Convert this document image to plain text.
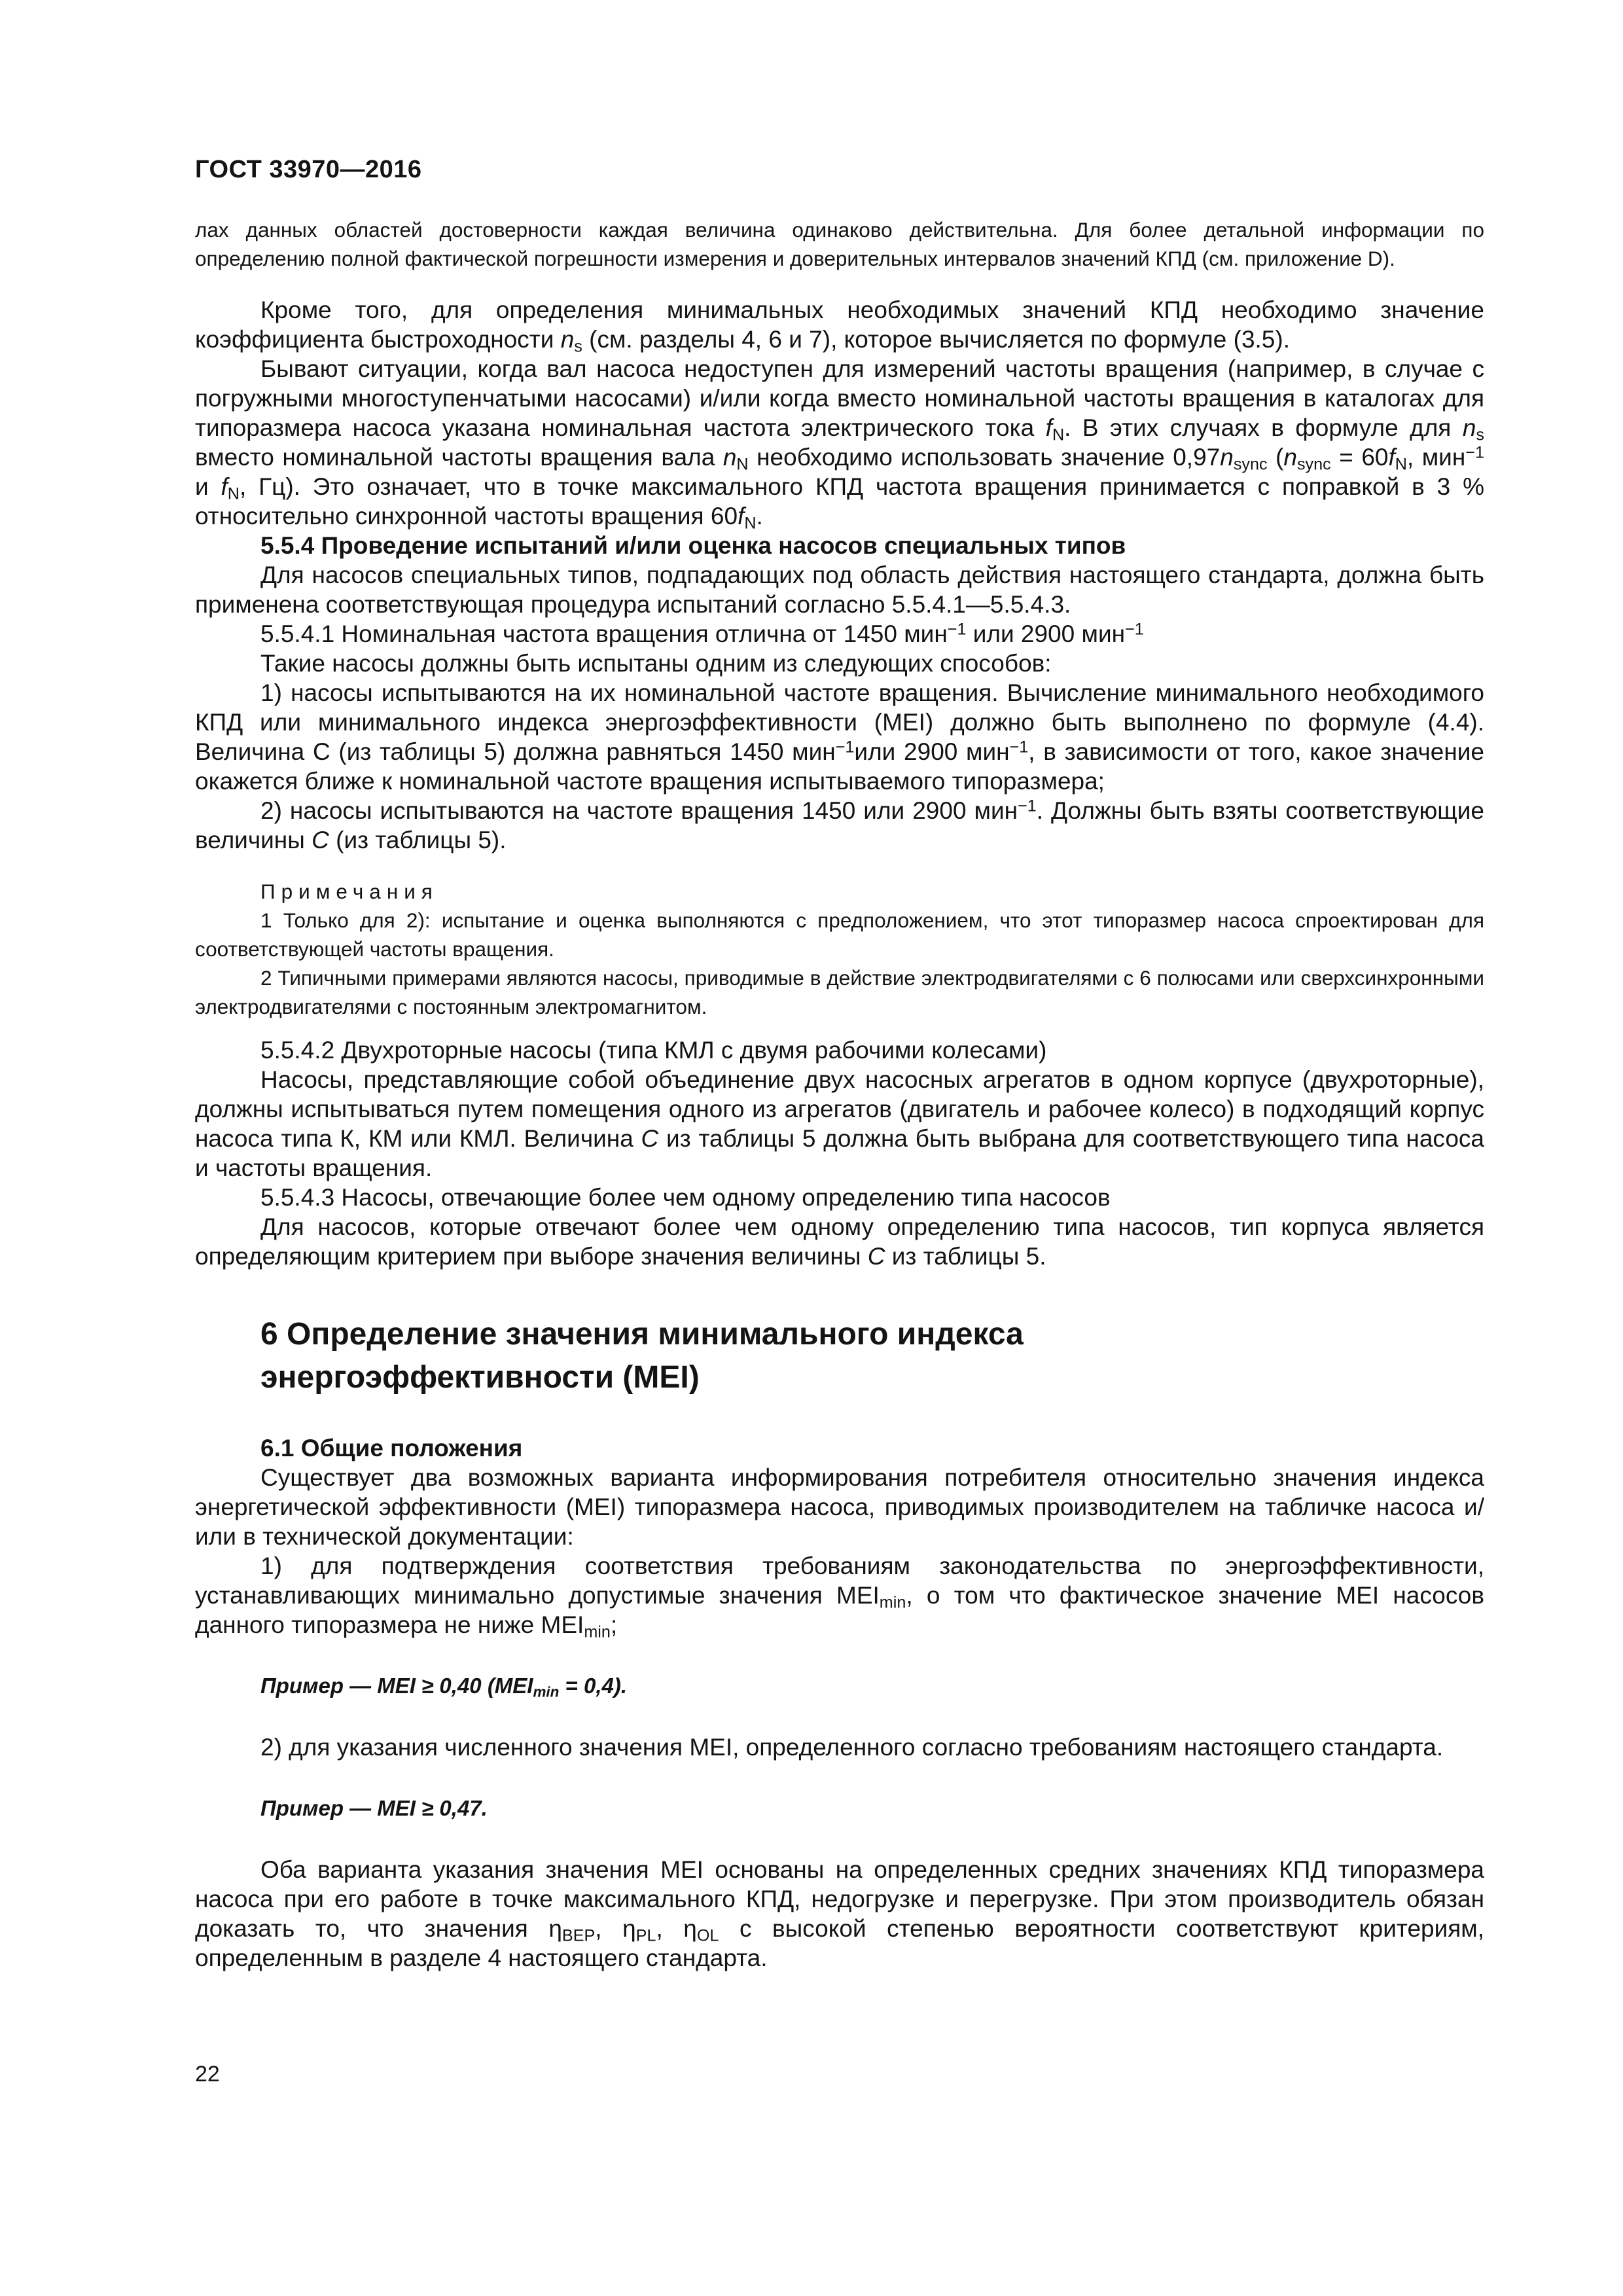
ГОСТ 33970—2016

лах данных областей достоверности каждая величина одинаково действительна. Для более детальной информации по определению полной фактической погрешности измерения и доверительных интервалов значений КПД (см. приложение D).

Кроме того, для определения минимальных необходимых значений КПД необходимо значение коэффициента быстроходности $n_s$ (см. разделы 4, 6 и 7), которое вычисляется по формуле (3.5).

Бывают ситуации, когда вал насоса недоступен для измерений частоты вращения (например, в случае с погружными многоступенчатыми насосами) и/или когда вместо номинальной частоты вращения в каталогах для типоразмера насоса указана номинальная частота электрического тока $f_N$. В этих случаях в формуле для $n_s$ вместо номинальной частоты вращения вала $n_N$ необходимо использовать значение $0,97n_{sync}$ ($n_{sync} = 60f_N$, мин$^{-1}$ и $f_N$, Гц). Это означает, что в точке максимального КПД частота вращения принимается с поправкой в 3 % относительно синхронной частоты вращения $60f_N$.

5.5.4 Проведение испытаний и/или оценка насосов специальных типов

Для насосов специальных типов, подпадающих под область действия настоящего стандарта, должна быть применена соответствующая процедура испытаний согласно 5.5.4.1—5.5.4.3.

5.5.4.1 Номинальная частота вращения отлична от 1450 мин$^{-1}$ или 2900 мин$^{-1}$

Такие насосы должны быть испытаны одним из следующих способов:

1) насосы испытываются на их номинальной частоте вращения. Вычисление минимального необходимого КПД или минимального индекса энергоэффективности (MEI) должно быть выполнено по формуле (4.4). Величина С (из таблицы 5) должна равняться 1450 мин$^{-1}$или 2900 мин$^{-1}$, в зависимости от того, какое значение окажется ближе к номинальной частоте вращения испытываемого типоразмера;

2) насосы испытываются на частоте вращения 1450 или 2900 мин$^{-1}$. Должны быть взяты соответствующие величины C (из таблицы 5).

Примечания

1 Только для 2): испытание и оценка выполняются с предположением, что этот типоразмер насоса спроектирован для соответствующей частоты вращения.

2 Типичными примерами являются насосы, приводимые в действие электродвигателями с 6 полюсами или сверхсинхронными электродвигателями с постоянным электромагнитом.

5.5.4.2 Двухроторные насосы (типа КМЛ с двумя рабочими колесами)

Насосы, представляющие собой объединение двух насосных агрегатов в одном корпусе (двухроторные), должны испытываться путем помещения одного из агрегатов (двигатель и рабочее колесо) в подходящий корпус насоса типа К, КМ или КМЛ. Величина C из таблицы 5 должна быть выбрана для соответствующего типа насоса и частоты вращения.

5.5.4.3 Насосы, отвечающие более чем одному определению типа насосов

Для насосов, которые отвечают более чем одному определению типа насосов, тип корпуса является определяющим критерием при выборе значения величины C из таблицы 5.

6 Определение значения минимального индекса
энергоэффективности (MEI)

6.1 Общие положения

Существует два возможных варианта информирования потребителя относительно значения индекса энергетической эффективности (MEI) типоразмера насоса, приводимых производителем на табличке насоса и/или в технической документации:

1) для подтверждения соответствия требованиям законодательства по энергоэффективности, устанавливающих минимально допустимые значения $MEI_{min}$, о том что фактическое значение MEI насосов данного типоразмера не ниже $MEI_{min}$;

Пример — MEI ≥ 0,40 $(MEI_{min} = 0,4)$.

2) для указания численного значения MEI, определенного согласно требованиям настоящего стандарта.

Пример — MEI ≥ 0,47.

Оба варианта указания значения MEI основаны на определенных средних значениях КПД типоразмера насоса при его работе в точке максимального КПД, недогрузке и перегрузке. При этом производитель обязан доказать то, что значения $\eta_{BEP}$, $\eta_{PL}$, $\eta_{OL}$ с высокой степенью вероятности соответствуют критериям, определенным в разделе 4 настоящего стандарта.

22
